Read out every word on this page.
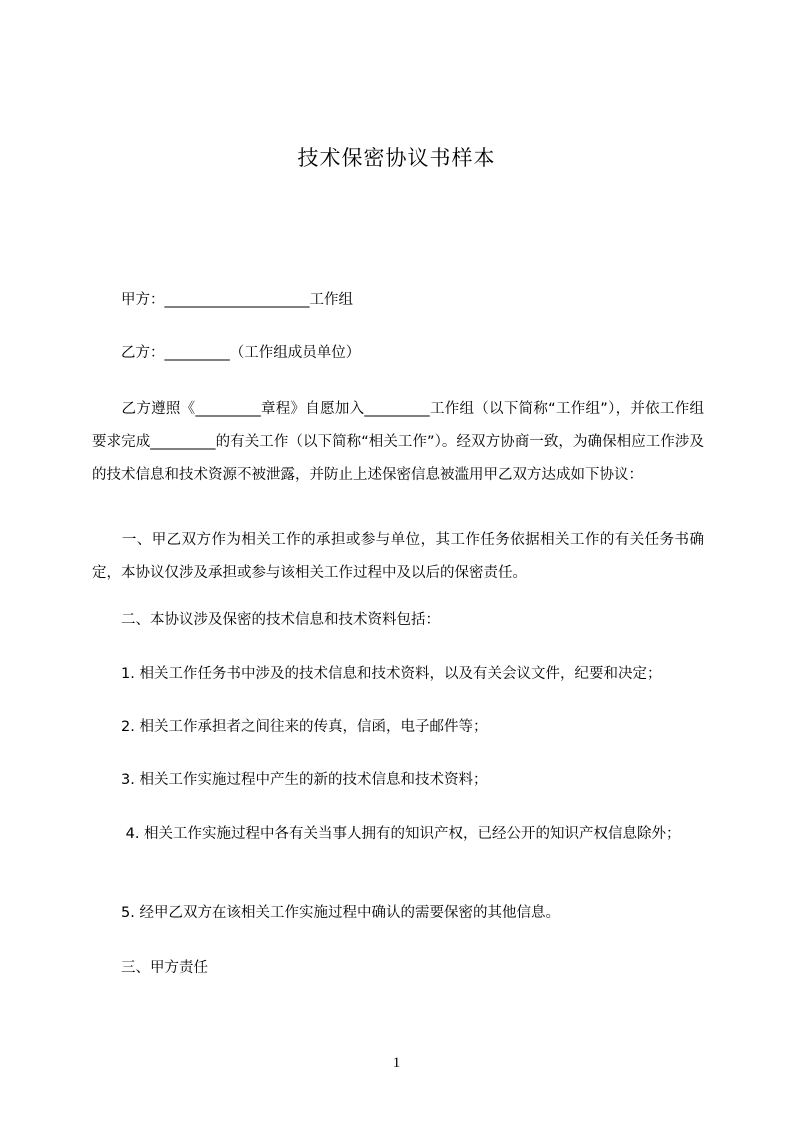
技术保密协议书样本
　　甲方：____________________工作组
　　乙方：_________（工作组成员单位）
　　乙方遵照《_________章程》自愿加入_________工作组（以下简称“工作组”），并依工作组要求完成_________的有关工作（以下简称“相关工作”）。经双方协商一致，为确保相应工作涉及的技术信息和技术资源不被泄露，并防止上述保密信息被滥用甲乙双方达成如下协议：
　　一、甲乙双方作为相关工作的承担或参与单位，其工作任务依据相关工作的有关任务书确定，本协议仅涉及承担或参与该相关工作过程中及以后的保密责任。
　　二、本协议涉及保密的技术信息和技术资料包括：
　　1. 相关工作任务书中涉及的技术信息和技术资料，以及有关会议文件，纪要和决定；
　　2. 相关工作承担者之间往来的传真，信函，电子邮件等；
　　3. 相关工作实施过程中产生的新的技术信息和技术资料；
　　 4. 相关工作实施过程中各有关当事人拥有的知识产权，已经公开的知识产权信息除外；
　　5. 经甲乙双方在该相关工作实施过程中确认的需要保密的其他信息。
　　三、甲方责任
1
